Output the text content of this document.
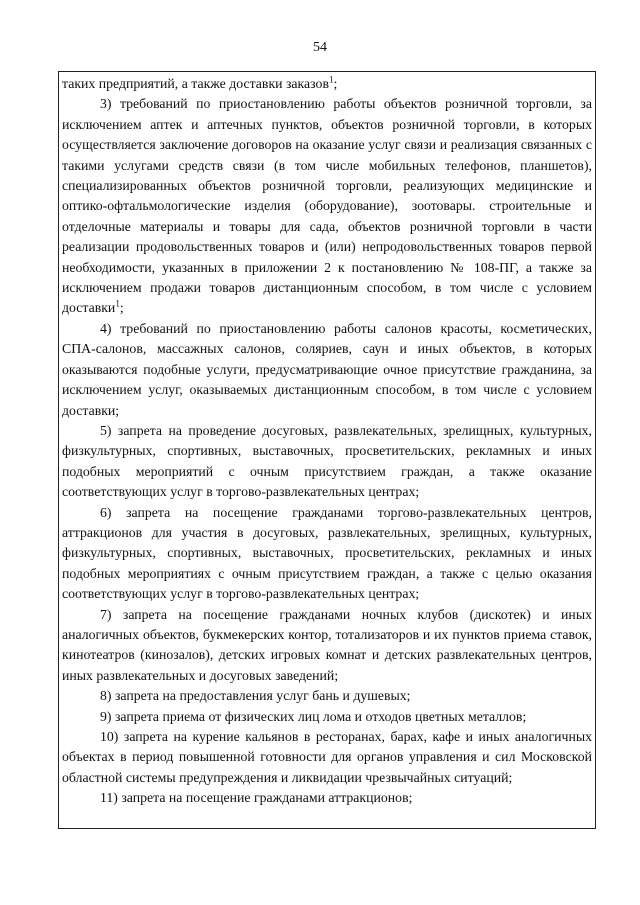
54

таких предприятий, а также доставки заказов$^1$;

3) требований по приостановлению работы объектов розничной торговли, за исключением аптек и аптечных пунктов, объектов розничной торговли, в которых осуществляется заключение договоров на оказание услуг связи и реализация связанных с такими услугами средств связи (в том числе мобильных телефонов, планшетов), специализированных объектов розничной торговли, реализующих медицинские и оптико-офтальмологические изделия (оборудование), зоотовары. строительные и отделочные материалы и товары для сада, объектов розничной торговли в части реализации продовольственных товаров и (или) непродовольственных товаров первой необходимости, указанных в приложении 2 к постановлению № 108-ПГ, а также за исключением продажи товаров дистанционным способом, в том числе с условием доставки$^1$;

4) требований по приостановлению работы салонов красоты, косметических, СПА-салонов, массажных салонов, соляриев, саун и иных объектов, в которых оказываются подобные услуги, предусматривающие очное присутствие гражданина, за исключением услуг, оказываемых дистанционным способом, в том числе с условием доставки;

5) запрета на проведение досуговых, развлекательных, зрелищных, культурных, физкультурных, спортивных, выставочных, просветительских, рекламных и иных подобных мероприятий с очным присутствием граждан, а также оказание соответствующих услуг в торгово-развлекательных центрах;

6) запрета на посещение гражданами торгово-развлекательных центров, аттракционов для участия в досуговых, развлекательных, зрелищных, культурных, физкультурных, спортивных, выставочных, просветительских, рекламных и иных подобных мероприятиях с очным присутствием граждан, а также с целью оказания соответствующих услуг в торгово-развлекательных центрах;

7) запрета на посещение гражданами ночных клубов (дискотек) и иных аналогичных объектов, букмекерских контор, тотализаторов и их пунктов приема ставок, кинотеатров (кинозалов), детских игровых комнат и детских развлекательных центров, иных развлекательных и досуговых заведений;

8) запрета на предоставления услуг бань и душевых;

9) запрета приема от физических лиц лома и отходов цветных металлов;

10) запрета на курение кальянов в ресторанах, барах, кафе и иных аналогичных объектах в период повышенной готовности для органов управления и сил Московской областной системы предупреждения и ликвидации чрезвычайных ситуаций;

11) запрета на посещение гражданами аттракционов;
